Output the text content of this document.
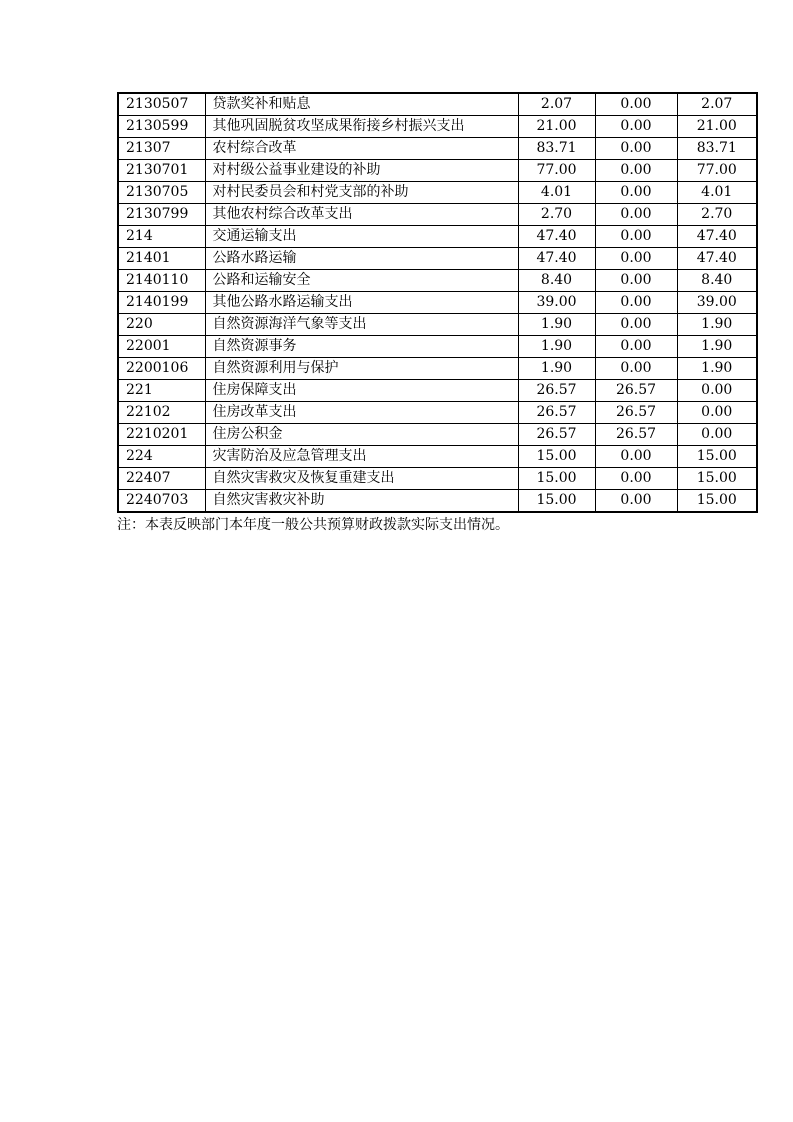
2130507	贷款奖补和贴息	2.07	0.00	2.07
2130599	其他巩固脱贫攻坚成果衔接乡村振兴支出	21.00	0.00	21.00
21307	农村综合改革	83.71	0.00	83.71
2130701	对村级公益事业建设的补助	77.00	0.00	77.00
2130705	对村民委员会和村党支部的补助	4.01	0.00	4.01
2130799	其他农村综合改革支出	2.70	0.00	2.70
214	交通运输支出	47.40	0.00	47.40
21401	公路水路运输	47.40	0.00	47.40
2140110	公路和运输安全	8.40	0.00	8.40
2140199	其他公路水路运输支出	39.00	0.00	39.00
220	自然资源海洋气象等支出	1.90	0.00	1.90
22001	自然资源事务	1.90	0.00	1.90
2200106	自然资源利用与保护	1.90	0.00	1.90
221	住房保障支出	26.57	26.57	0.00
22102	住房改革支出	26.57	26.57	0.00
2210201	住房公积金	26.57	26.57	0.00
224	灾害防治及应急管理支出	15.00	0.00	15.00
22407	自然灾害救灾及恢复重建支出	15.00	0.00	15.00
2240703	自然灾害救灾补助	15.00	0.00	15.00
注：本表反映部门本年度一般公共预算财政拨款实际支出情况。
